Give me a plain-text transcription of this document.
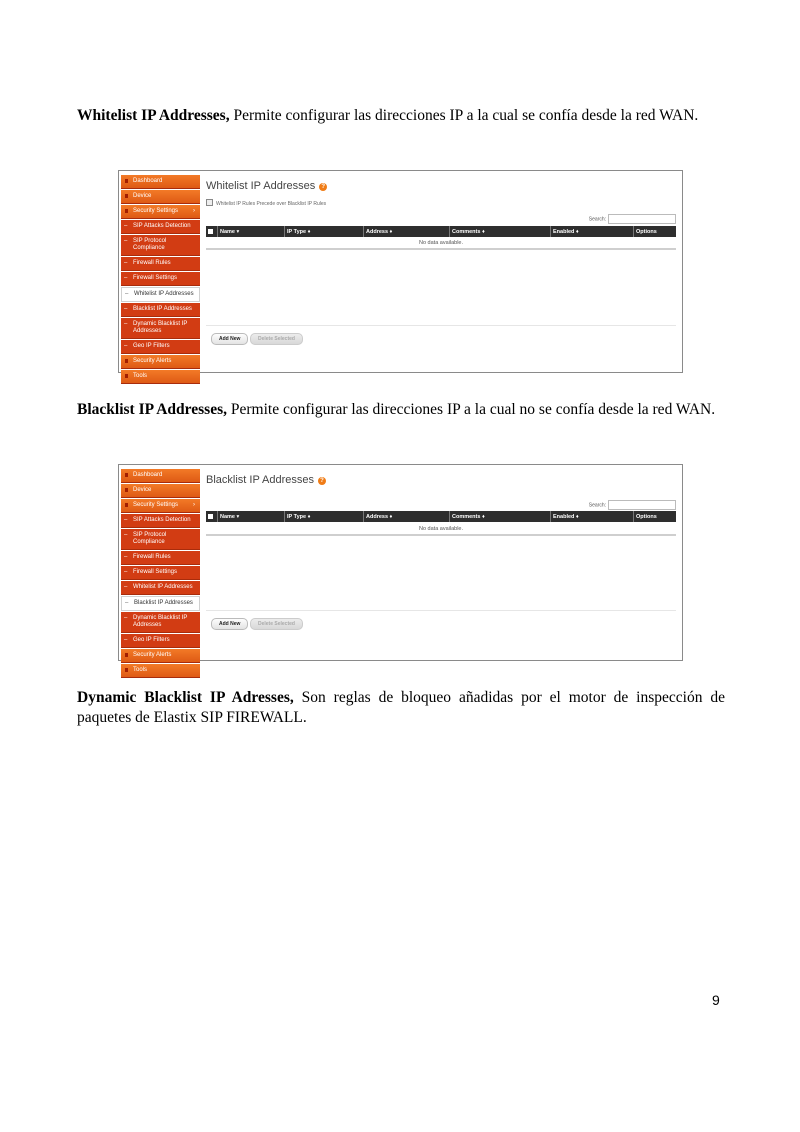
Whitelist IP Addresses, Permite configurar las direcciones IP a la cual se confía desde la red WAN.

Dashboard
Device
Security Settings ›
– SIP Attacks Detection
– SIP Protocol Compliance
– Firewall Rules
– Firewall Settings
– Whitelist IP Addresses
– Blacklist IP Addresses
– Dynamic Blacklist IP Addresses
– Geo IP Filters
Security Alerts
Tools
Whitelist IP Addresses ?
Whitelist IP Rules Precede over Blacklist IP Rules
Search:
Name ▾	IP Type ♦	Address ♦	Comments ♦	Enabled ♦	Options
No data available.
Add New	Delete Selected

Blacklist IP Addresses, Permite configurar las direcciones IP a la cual no se confía desde la red WAN.

Dashboard
Device
Security Settings ›
– SIP Attacks Detection
– SIP Protocol Compliance
– Firewall Rules
– Firewall Settings
– Whitelist IP Addresses
– Blacklist IP Addresses
– Dynamic Blacklist IP Addresses
– Geo IP Filters
Security Alerts
Tools
Blacklist IP Addresses ?
Search:
Name ▾	IP Type ♦	Address ♦	Comments ♦	Enabled ♦	Options
No data available.
Add New	Delete Selected

Dynamic Blacklist IP Adresses, Son reglas de bloqueo añadidas por el motor de inspección de paquetes de Elastix SIP FIREWALL.

9
